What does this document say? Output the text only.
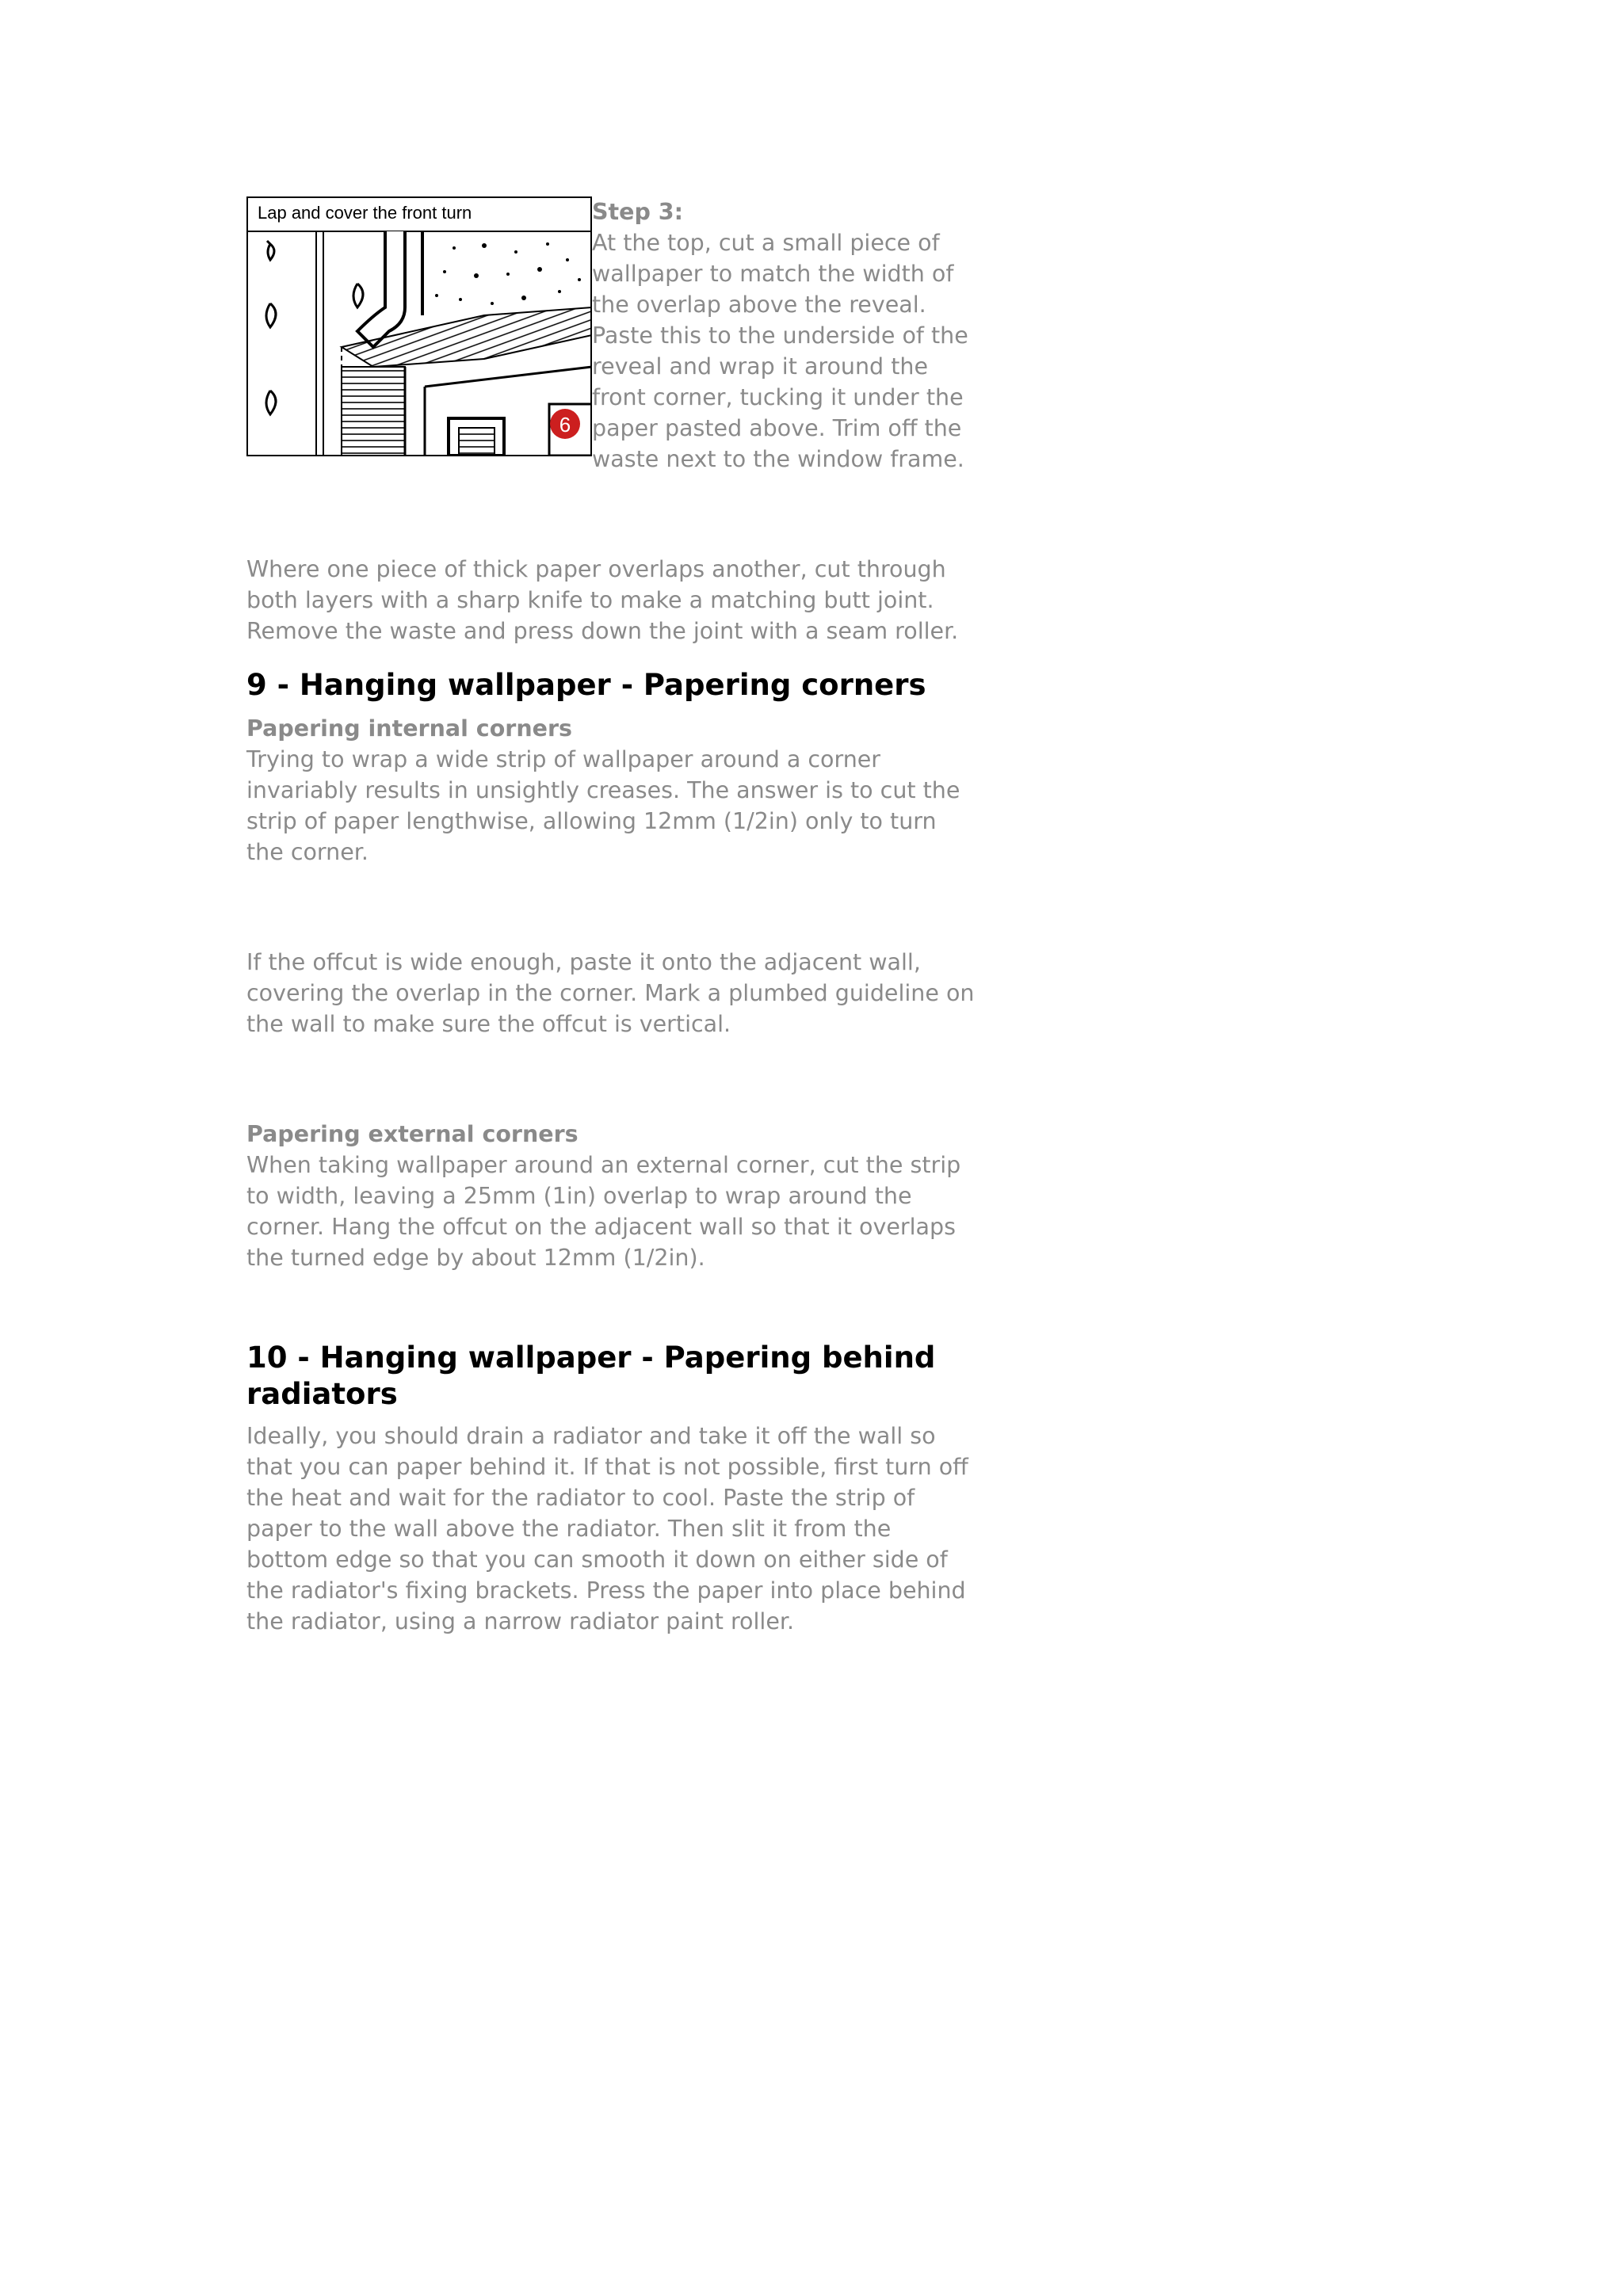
Lap and cover the front turn
6

Step 3:

At the top, cut a small piece of wallpaper to match the width of the overlap above the reveal. Paste this to the underside of the reveal and wrap it around the front corner, tucking it under the paper pasted above. Trim off the waste next to the window frame.

Where one piece of thick paper overlaps another, cut through both layers with a sharp knife to make a matching butt joint. Remove the waste and press down the joint with a seam roller.

9 - Hanging wallpaper - Papering corners

Papering internal corners

Trying to wrap a wide strip of wallpaper around a corner invariably results in unsightly creases. The answer is to cut the strip of paper lengthwise, allowing 12mm (1/2in) only to turn the corner.

If the offcut is wide enough, paste it onto the adjacent wall, covering the overlap in the corner. Mark a plumbed guideline on the wall to make sure the offcut is vertical.

Papering external corners

When taking wallpaper around an external corner, cut the strip to width, leaving a 25mm (1in) overlap to wrap around the corner. Hang the offcut on the adjacent wall so that it overlaps the turned edge by about 12mm (1/2in).

10 - Hanging wallpaper - Papering behind radiators

Ideally, you should drain a radiator and take it off the wall so that you can paper behind it. If that is not possible, first turn off the heat and wait for the radiator to cool. Paste the strip of paper to the wall above the radiator. Then slit it from the bottom edge so that you can smooth it down on either side of the radiator's fixing brackets. Press the paper into place behind the radiator, using a narrow radiator paint roller.
